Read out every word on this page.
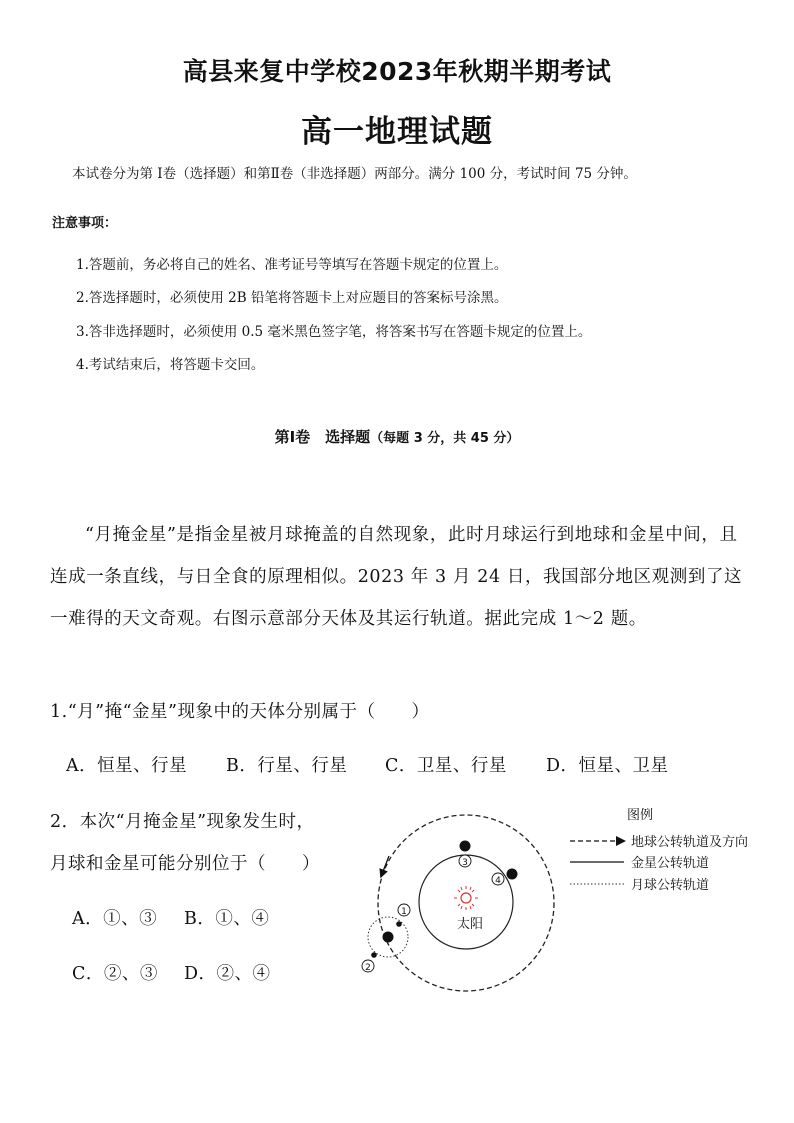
高县来复中学校2023年秋期半期考试
高一地理试题
本试卷分为第 Ⅰ卷（选择题）和第Ⅱ卷（非选择题）两部分。满分 100 分，考试时间 75 分钟。
注意事项：
1.答题前，务必将自己的姓名、准考证号等填写在答题卡规定的位置上。
2.答选择题时，必须使用 2B 铅笔将答题卡上对应题目的答案标号涂黑。
3.答非选择题时，必须使用 0.5 毫米黑色签字笔，将答案书写在答题卡规定的位置上。
4.考试结束后，将答题卡交回。
第Ⅰ卷　选择题（每题 3 分，共 45 分）
“月掩金星”是指金星被月球掩盖的自然现象，此时月球运行到地球和金星中间，且连成一条直线，与日全食的原理相似。2023 年 3 月 24 日，我国部分地区观测到了这一难得的天文奇观。右图示意部分天体及其运行轨道。据此完成 1～2 题。
1.“月”掩“金星”现象中的天体分别属于（　　）
A．恒星、行星 B．行星、行星 C．卫星、行星 D．恒星、卫星
2．本次“月掩金星”现象发生时，
月球和金星可能分别位于（　　）
A．①、③ B．①、④
C．②、③ D．②、④
太阳
1
2
3
4
图例
地球公转轨道及方向
金星公转轨道
月球公转轨道
